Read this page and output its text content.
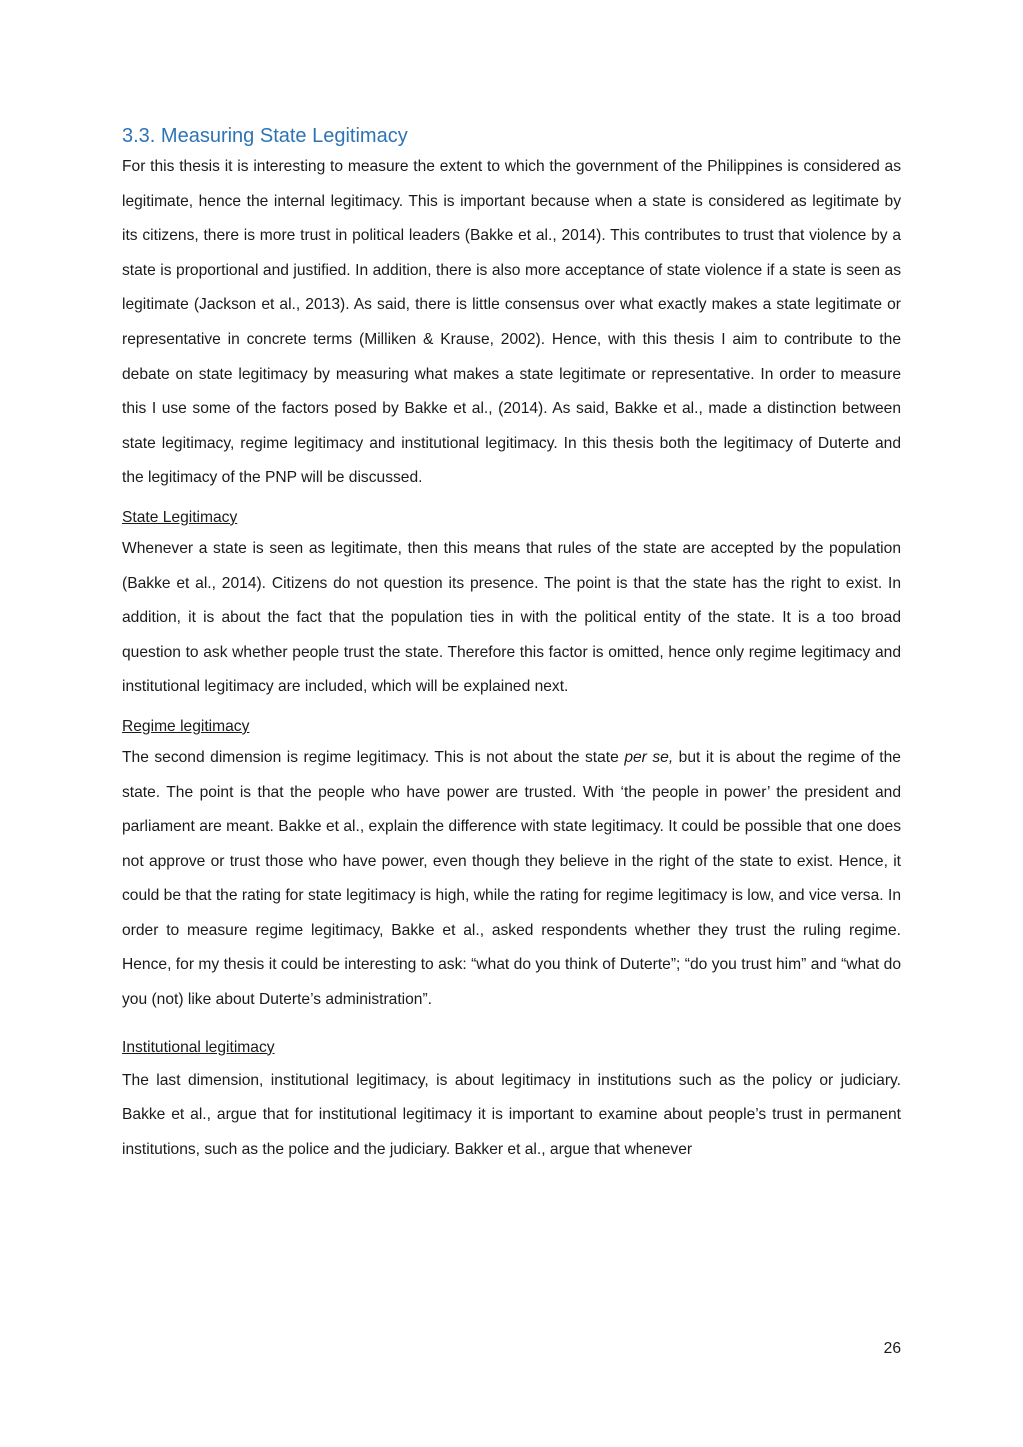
3.3. Measuring State Legitimacy

For this thesis it is interesting to measure the extent to which the government of the Philippines is considered as legitimate, hence the internal legitimacy. This is important because when a state is considered as legitimate by its citizens, there is more trust in political leaders (Bakke et al., 2014). This contributes to trust that violence by a state is proportional and justified. In addition, there is also more acceptance of state violence if a state is seen as legitimate (Jackson et al., 2013). As said, there is little consensus over what exactly makes a state legitimate or representative in concrete terms (Milliken & Krause, 2002). Hence, with this thesis I aim to contribute to the debate on state legitimacy by measuring what makes a state legitimate or representative. In order to measure this I use some of the factors posed by Bakke et al., (2014). As said, Bakke et al., made a distinction between state legitimacy, regime legitimacy and institutional legitimacy. In this thesis both the legitimacy of Duterte and the legitimacy of the PNP will be discussed.

State Legitimacy

Whenever a state is seen as legitimate, then this means that rules of the state are accepted by the population (Bakke et al., 2014). Citizens do not question its presence. The point is that the state has the right to exist. In addition, it is about the fact that the population ties in with the political entity of the state. It is a too broad question to ask whether people trust the state. Therefore this factor is omitted, hence only regime legitimacy and institutional legitimacy are included, which will be explained next.

Regime legitimacy

The second dimension is regime legitimacy. This is not about the state per se, but it is about the regime of the state. The point is that the people who have power are trusted. With ‘the people in power’ the president and parliament are meant. Bakke et al., explain the difference with state legitimacy. It could be possible that one does not approve or trust those who have power, even though they believe in the right of the state to exist. Hence, it could be that the rating for state legitimacy is high, while the rating for regime legitimacy is low, and vice versa. In order to measure regime legitimacy, Bakke et al., asked respondents whether they trust the ruling regime. Hence, for my thesis it could be interesting to ask: “what do you think of Duterte”; “do you trust him” and “what do you (not) like about Duterte’s administration”.

Institutional legitimacy

The last dimension, institutional legitimacy, is about legitimacy in institutions such as the policy or judiciary. Bakke et al., argue that for institutional legitimacy it is important to examine about people’s trust in permanent institutions, such as the police and the judiciary. Bakker et al., argue that whenever

26
